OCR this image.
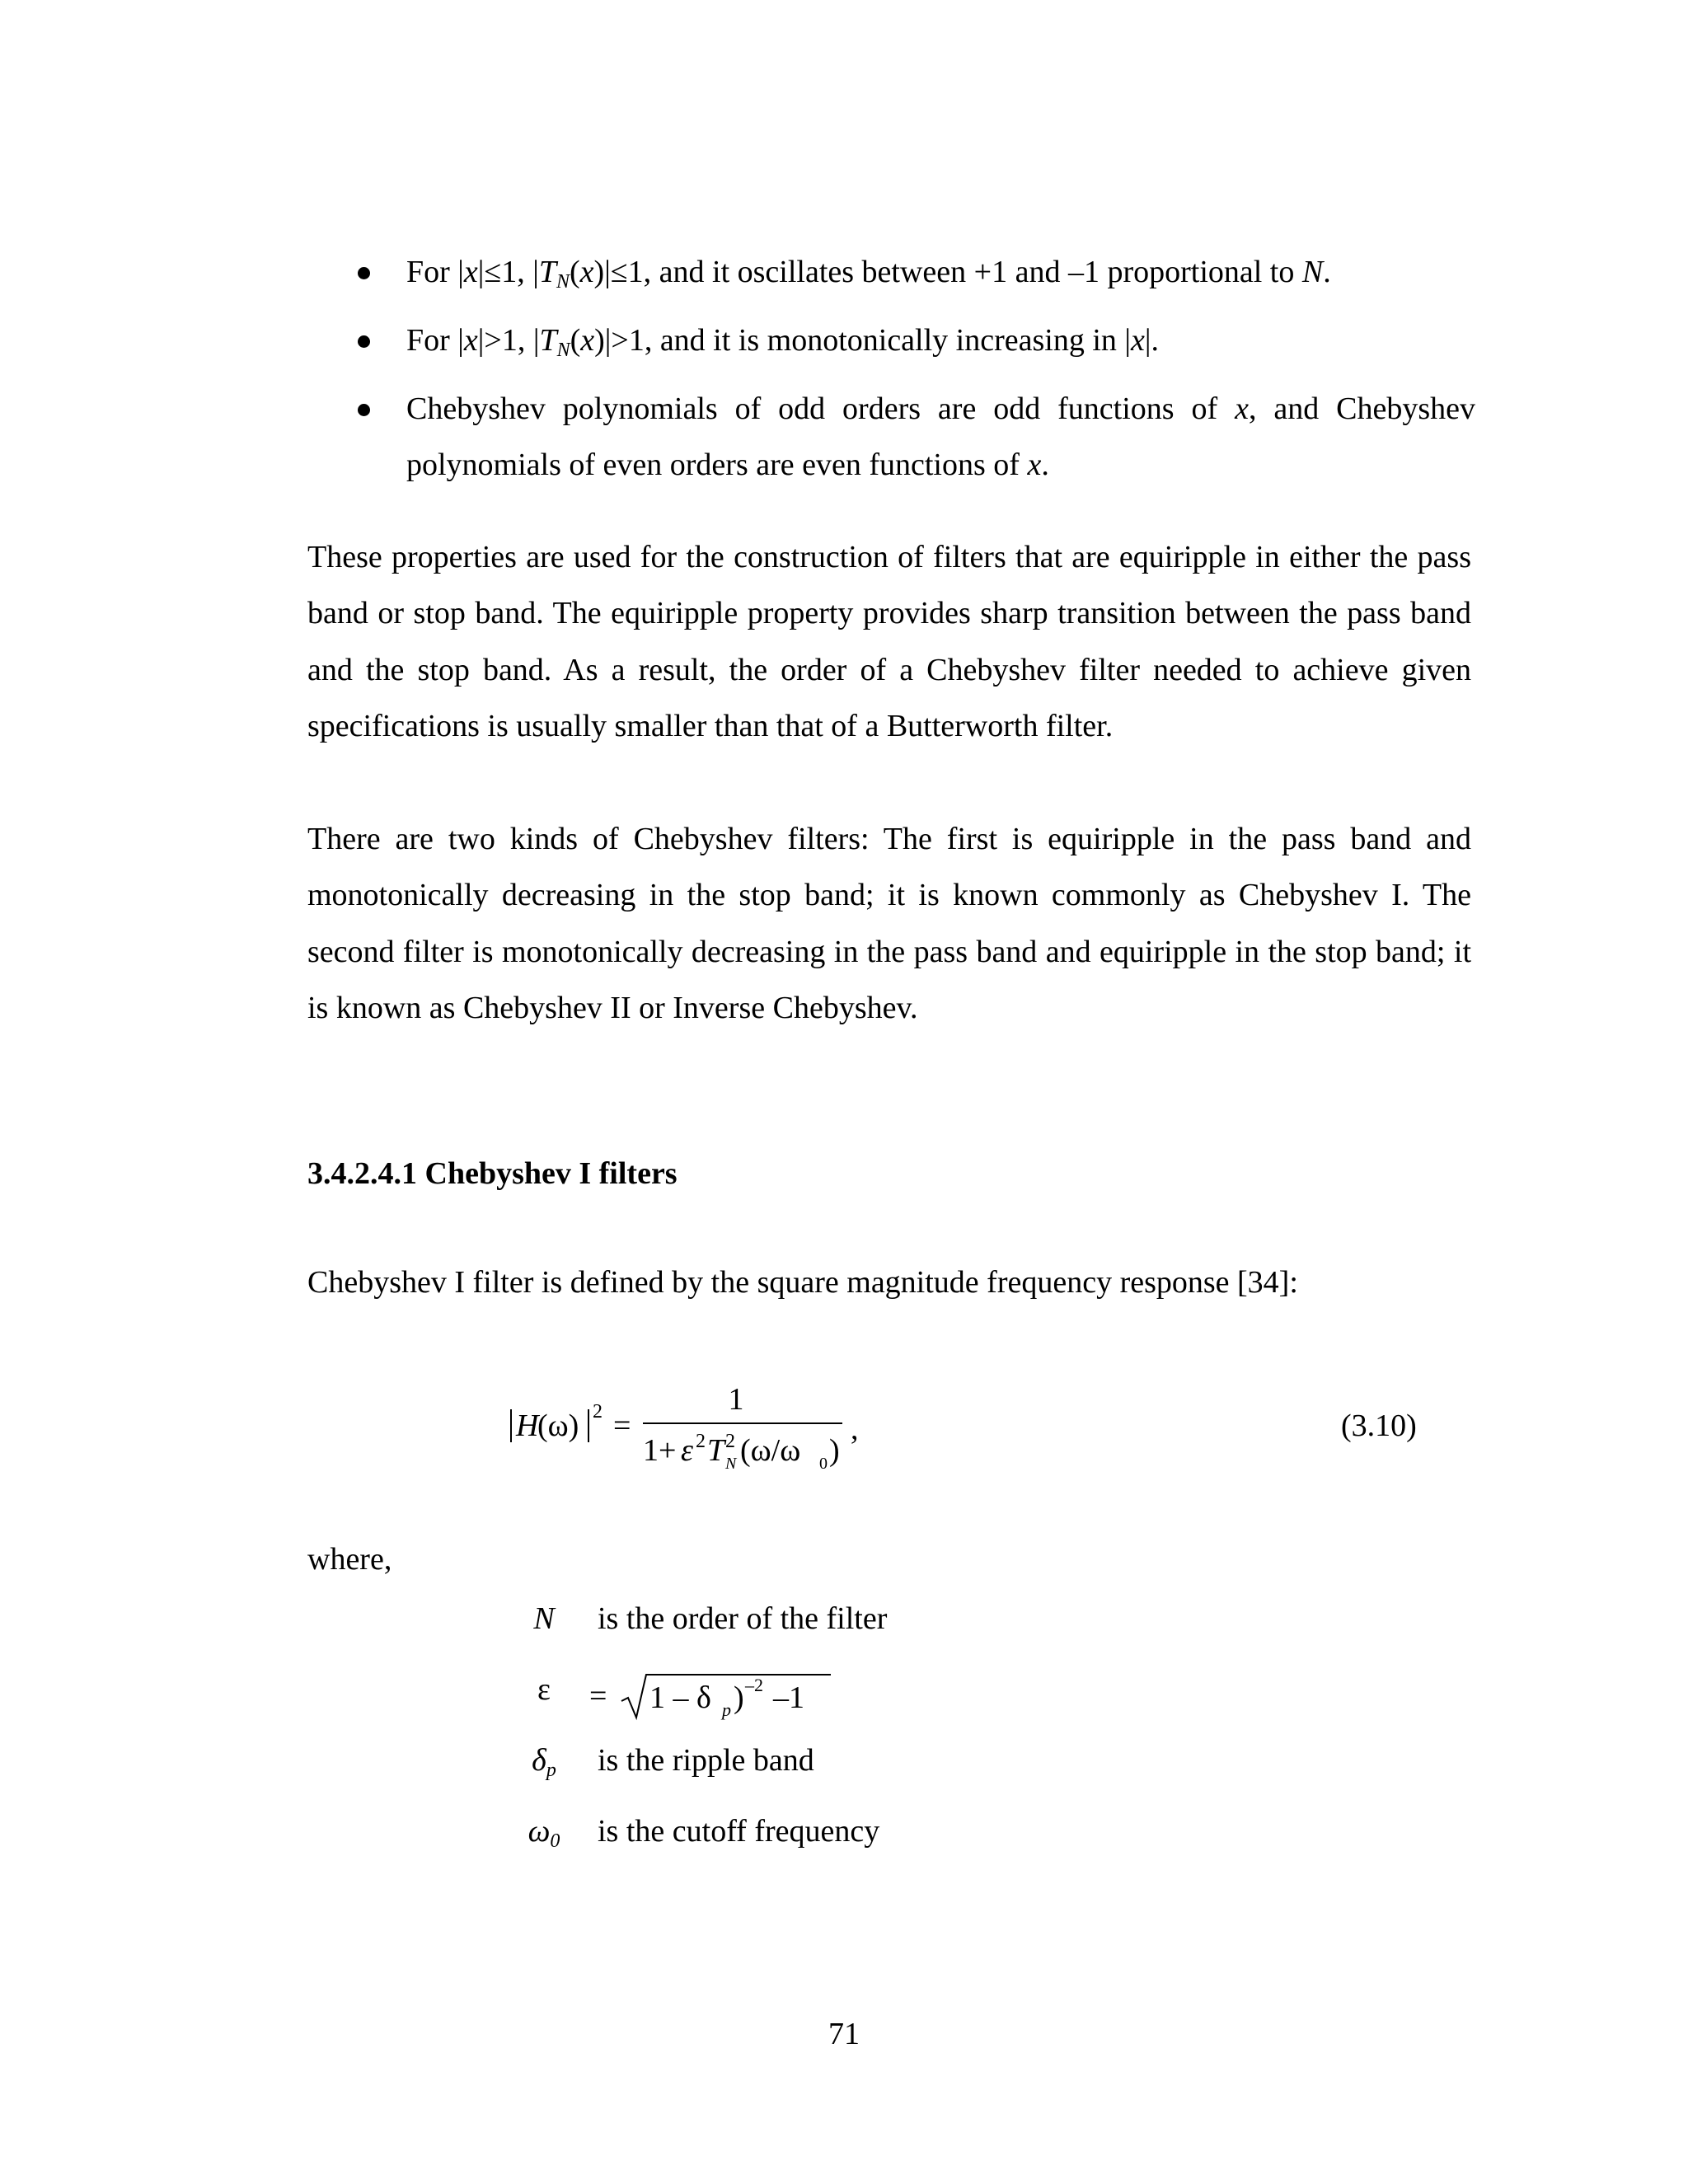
For |x|≤1, $|T_N(x)|\le 1$, and it oscillates between +1 and –1 proportional to N.
For |x|>1, $|T_N(x)|>1$, and it is monotonically increasing in |x|.
Chebyshev polynomials of odd orders are odd functions of x, and Chebyshev polynomials of even orders are even functions of x.

These properties are used for the construction of filters that are equiripple in either the pass band or stop band. The equiripple property provides sharp transition between the pass band and the stop band. As a result, the order of a Chebyshev filter needed to achieve given specifications is usually smaller than that of a Butterworth filter.

There are two kinds of Chebyshev filters: The first is equiripple in the pass band and monotonically decreasing in the stop band; it is known commonly as Chebyshev I. The second filter is monotonically decreasing in the pass band and equiripple in the stop band; it is known as Chebyshev II or Inverse Chebyshev.

3.4.2.4.1 Chebyshev I filters

Chebyshev I filter is defined by the square magnitude frequency response [34]:

H
(ω) 2 =
1
1+ ε 2 T 2
N (ω/ω 0 )
,	(3.10)

where,

N	is the order of the filter
ε	= 1 – δ p ) –2 –1
$\delta_p$	is the ripple band
$\omega_0$	is the cutoff frequency
71
